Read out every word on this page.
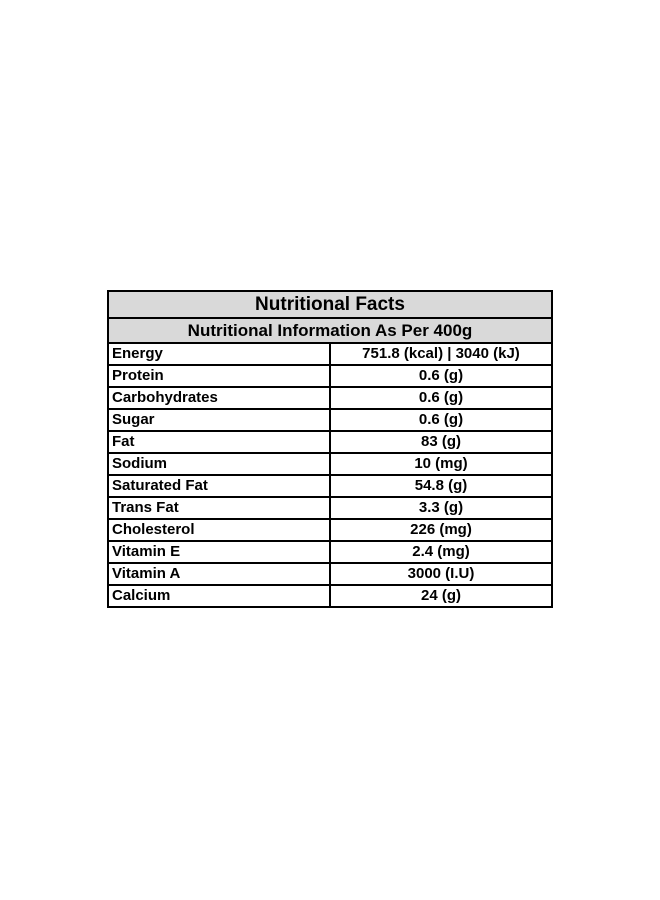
Nutritional Facts	
Nutritional Information As Per 400g	
Energy	751.8 (kcal) | 3040 (kJ)
Protein	0.6 (g)
Carbohydrates	0.6 (g)
Sugar	0.6 (g)
Fat	83 (g)
Sodium	10 (mg)
Saturated Fat	54.8 (g)
Trans Fat	3.3 (g)
Cholesterol	226 (mg)
Vitamin E	2.4 (mg)
Vitamin A	3000 (I.U)
Calcium	24 (g)
